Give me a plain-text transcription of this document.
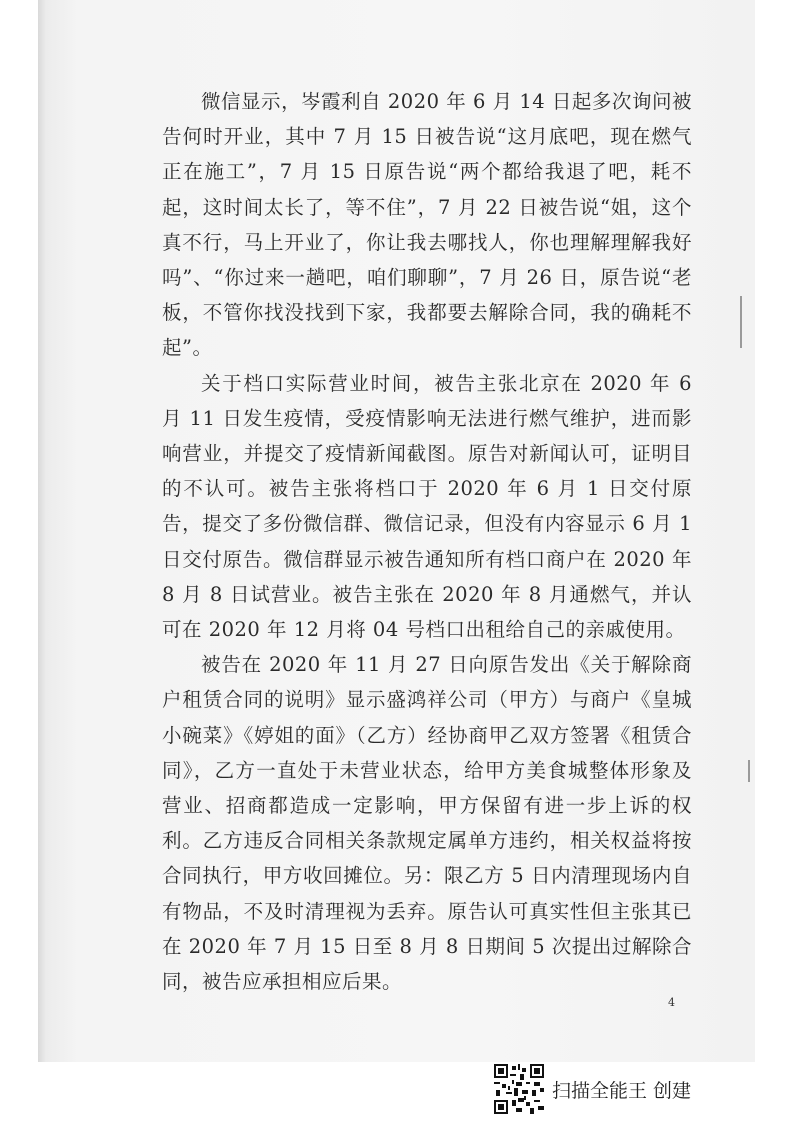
微信显示，岑霞利自 2020 年 6 月 14 日起多次询问被告何时开业，其中 7 月 15 日被告说“这月底吧，现在燃气正在施工”，7 月 15 日原告说“两个都给我退了吧，耗不起，这时间太长了，等不住”，7 月 22 日被告说“姐，这个真不行，马上开业了，你让我去哪找人，你也理解理解我好吗”、“你过来一趟吧，咱们聊聊”，7 月 26 日，原告说“老板，不管你找没找到下家，我都要去解除合同，我的确耗不起”。

关于档口实际营业时间，被告主张北京在 2020 年 6 月 11 日发生疫情，受疫情影响无法进行燃气维护，进而影响营业，并提交了疫情新闻截图。原告对新闻认可，证明目的不认可。被告主张将档口于 2020 年 6 月 1 日交付原告，提交了多份微信群、微信记录，但没有内容显示 6 月 1 日交付原告。微信群显示被告通知所有档口商户在 2020 年 8 月 8 日试营业。被告主张在 2020 年 8 月通燃气，并认可在 2020 年 12 月将 04 号档口出租给自己的亲戚使用。

被告在 2020 年 11 月 27 日向原告发出《关于解除商户租赁合同的说明》显示盛鸿祥公司（甲方）与商户《皇城小碗菜》《婷姐的面》（乙方）经协商甲乙双方签署《租赁合同》，乙方一直处于未营业状态，给甲方美食城整体形象及营业、招商都造成一定影响，甲方保留有进一步上诉的权利。乙方违反合同相关条款规定属单方违约，相关权益将按合同执行，甲方收回摊位。另：限乙方 5 日内清理现场内自有物品，不及时清理视为丢弃。原告认可真实性但主张其已在 2020 年 7 月 15 日至 8 月 8 日期间 5 次提出过解除合同，被告应承担相应后果。

4
扫描全能王 创建
